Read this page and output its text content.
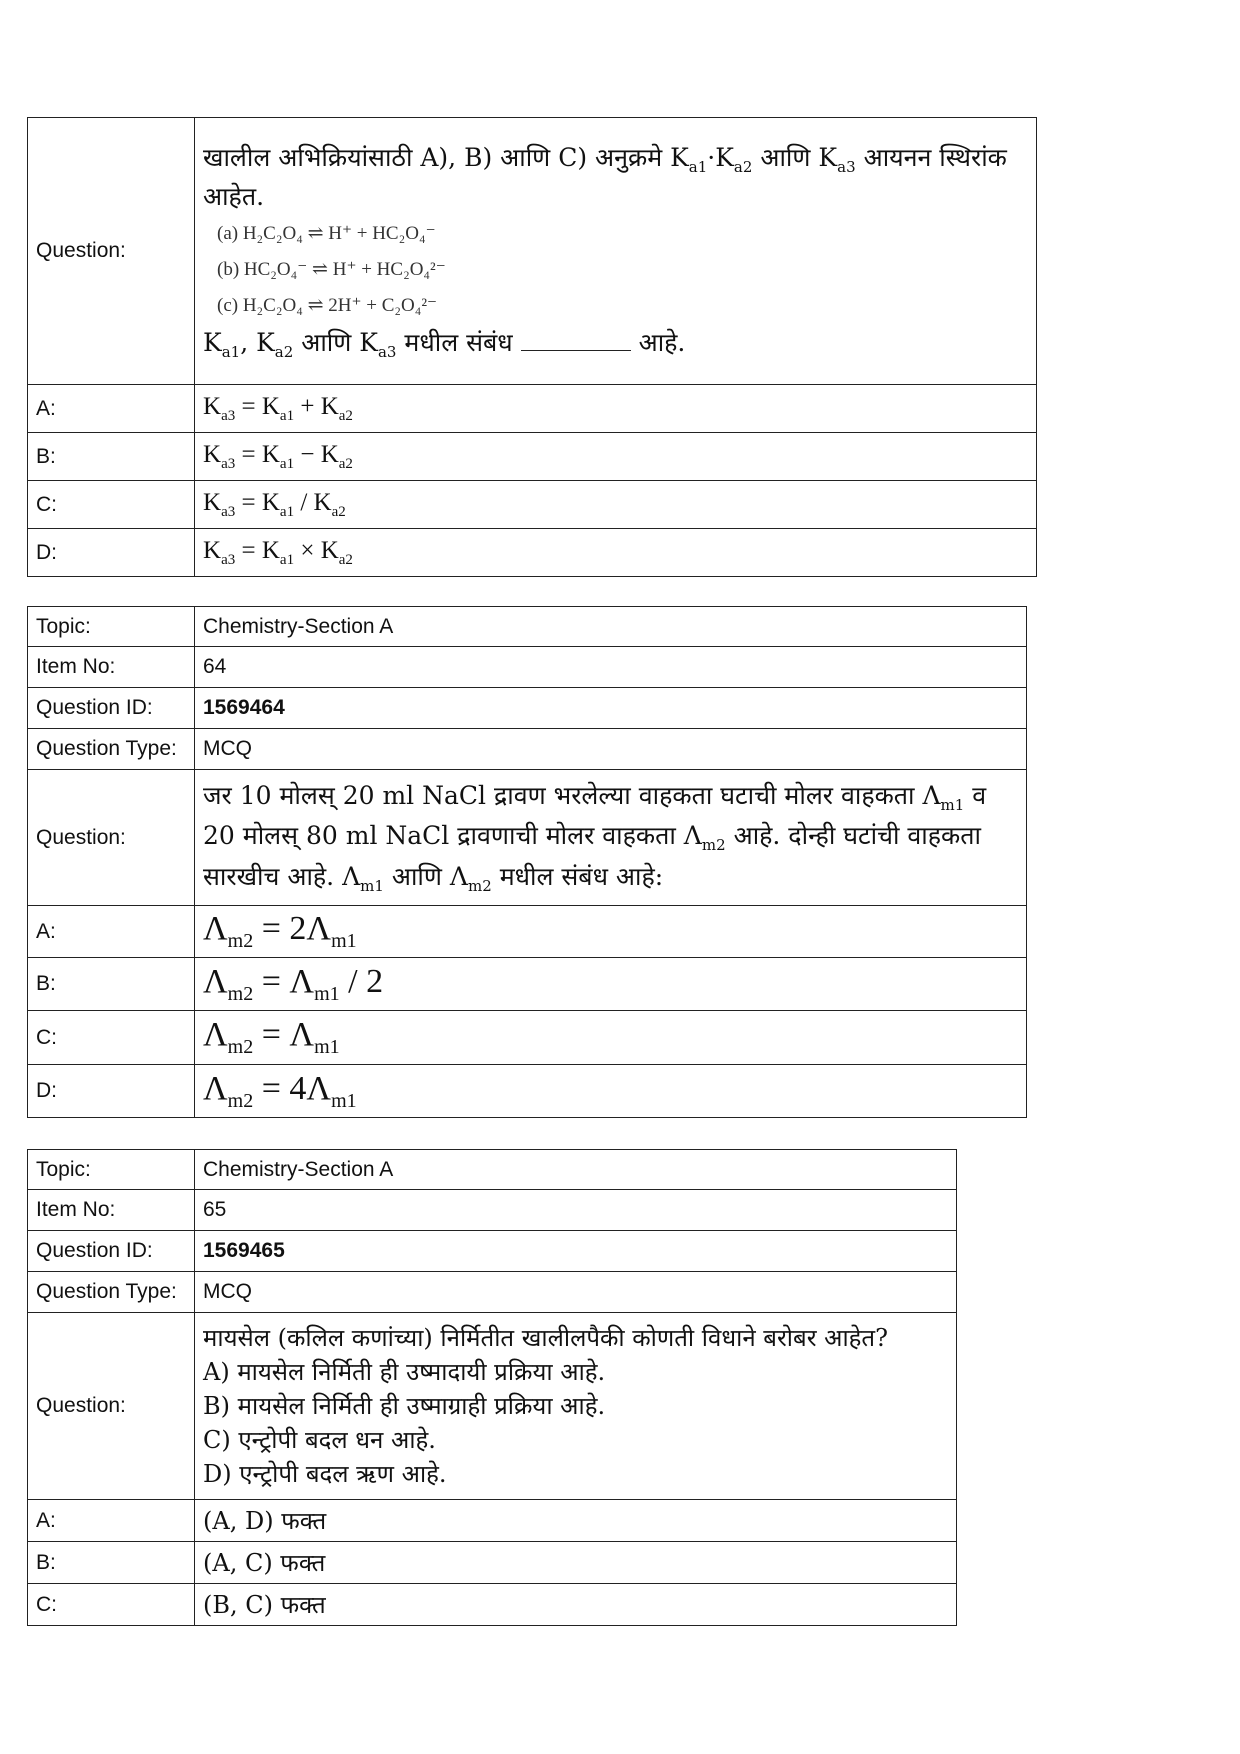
Question:	खालील अभिक्रियांसाठी A), B) आणि C) अनुक्रमे $K_{a1}\cdot K_{a2}$ आणि $K_{a3}$ आयनन स्थिरांक आहेत.
(a) H₂C₂O₄ ⇌ H⁺ + HC₂O₄⁻
(b) HC₂O₄⁻ ⇌ H⁺ + HC₂O₄²⁻
(c) H₂C₂O₄ ⇌ 2H⁺ + C₂O₄²⁻
$K_{a1}$, $K_{a2}$ आणि $K_{a3}$ मधील संबंध आहे.

A:	$K_{a3} = K_{a1} + K_{a2}$
B:	$K_{a3} = K_{a1} - K_{a2}$
C:	$K_{a3} = K_{a1} / K_{a2}$
D:	$K_{a3} = K_{a1} \times K_{a2}$
Topic:	Chemistry-Section A
Item No:	64
Question ID:	1569464
Question Type:	MCQ
Question:	जर 10 मोलस् 20 ml NaCl द्रावण भरलेल्या वाहकता घटाची मोलर वाहकता $\Lambda_{m1}$ व 20 मोलस् 80 ml NaCl द्रावणाची मोलर वाहकता $\Lambda_{m2}$ आहे. दोन्ही घटांची वाहकता सारखीच आहे. $\Lambda_{m1}$ आणि $\Lambda_{m2}$ मधील संबंध आहे:
A:	$\Lambda_{m2} = 2\Lambda_{m1}$
B:	$\Lambda_{m2} = \Lambda_{m1} / 2$
C:	$\Lambda_{m2} = \Lambda_{m1}$
D:	$\Lambda_{m2} = 4\Lambda_{m1}$
Topic:	Chemistry-Section A
Item No:	65
Question ID:	1569465
Question Type:	MCQ
Question:	मायसेल (कलिल कणांच्या) निर्मितीत खालीलपैकी कोणती विधाने बरोबर आहेत?
A) मायसेल निर्मिती ही उष्मादायी प्रक्रिया आहे.
B) मायसेल निर्मिती ही उष्माग्राही प्रक्रिया आहे.
C) एन्ट्रोपी बदल धन आहे.
D) एन्ट्रोपी बदल ऋण आहे.

A:	(A, D) फक्त
B:	(A, C) फक्त
C:	(B, C) फक्त
